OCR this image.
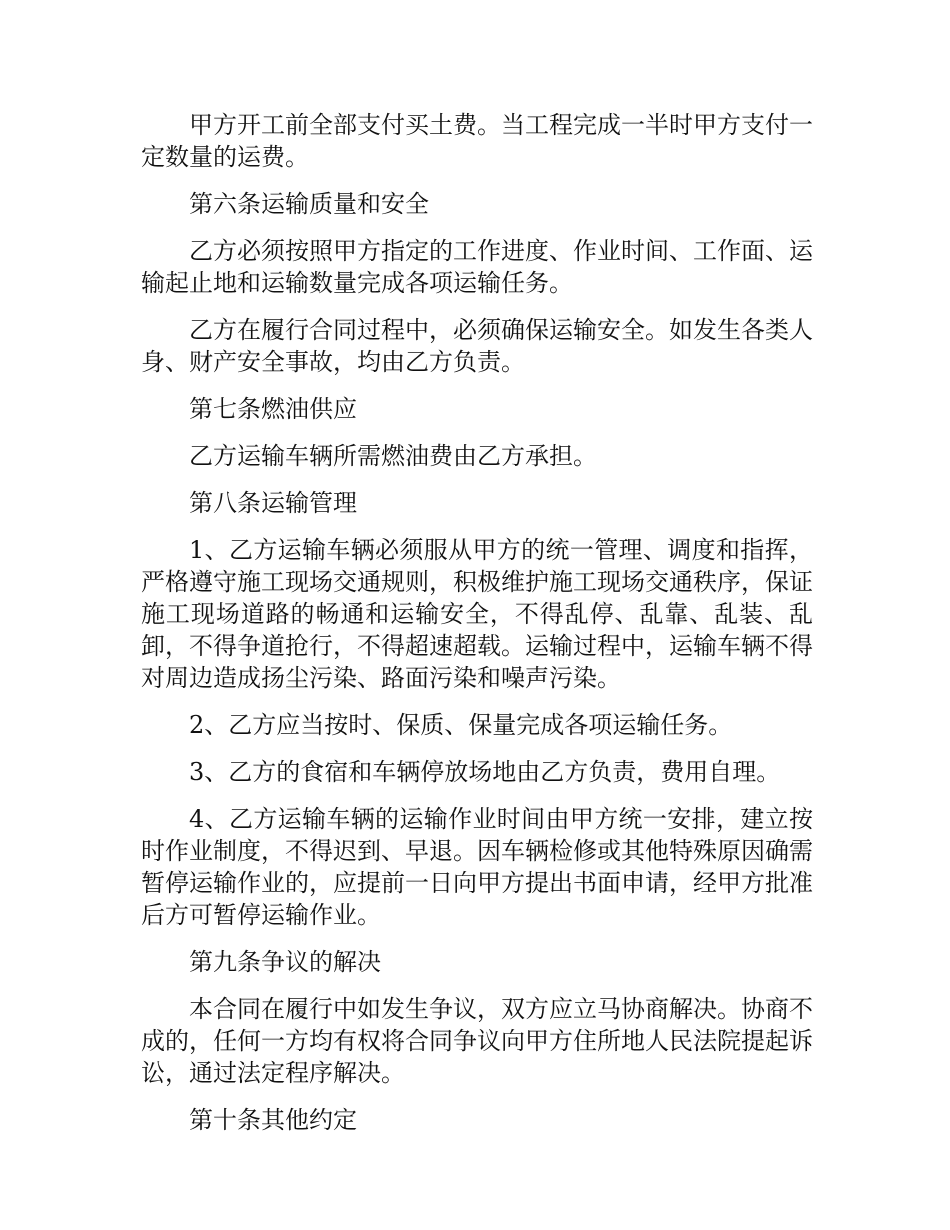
甲方开工前全部支付买土费。当工程完成一半时甲方支付一定数量的运费。

第六条运输质量和安全

乙方必须按照甲方指定的工作进度、作业时间、工作面、运输起止地和运输数量完成各项运输任务。

乙方在履行合同过程中，必须确保运输安全。如发生各类人身、财产安全事故，均由乙方负责。

第七条燃油供应

乙方运输车辆所需燃油费由乙方承担。

第八条运输管理

1、乙方运输车辆必须服从甲方的统一管理、调度和指挥，严格遵守施工现场交通规则，积极维护施工现场交通秩序，保证施工现场道路的畅通和运输安全，不得乱停、乱靠、乱装、乱卸，不得争道抢行，不得超速超载。运输过程中，运输车辆不得对周边造成扬尘污染、路面污染和噪声污染。

2、乙方应当按时、保质、保量完成各项运输任务。

3、乙方的食宿和车辆停放场地由乙方负责，费用自理。

4、乙方运输车辆的运输作业时间由甲方统一安排，建立按时作业制度，不得迟到、早退。因车辆检修或其他特殊原因确需暂停运输作业的，应提前一日向甲方提出书面申请，经甲方批准后方可暂停运输作业。

第九条争议的解决

本合同在履行中如发生争议，双方应立马协商解决。协商不成的，任何一方均有权将合同争议向甲方住所地人民法院提起诉讼，通过法定程序解决。

第十条其他约定
